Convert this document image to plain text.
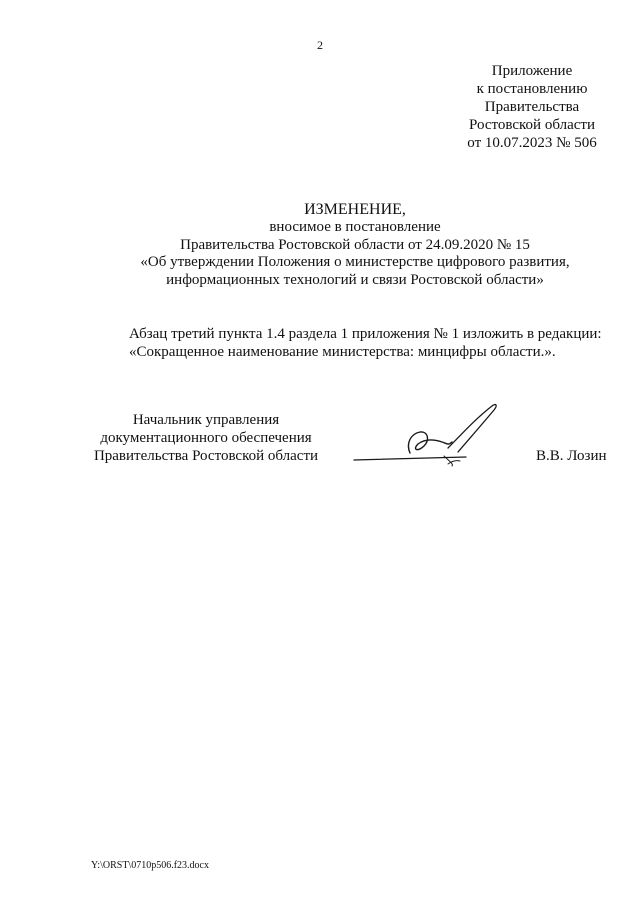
2
Приложение
к постановлению
Правительства
Ростовской области
от 10.07.2023 № 506
ИЗМЕНЕНИЕ,
вносимое в постановление
Правительства Ростовской области от 24.09.2020 № 15
«Об утверждении Положения о министерстве цифрового развития,
информационных технологий и связи Ростовской области»
Абзац третий пункта 1.4 раздела 1 приложения № 1 изложить в редакции:
«Сокращенное наименование министерства: минцифры области.».
Начальник управления
документационного обеспечения
Правительства Ростовской области	В.В. Лозин
Y:\ORST\0710p506.f23.docx
